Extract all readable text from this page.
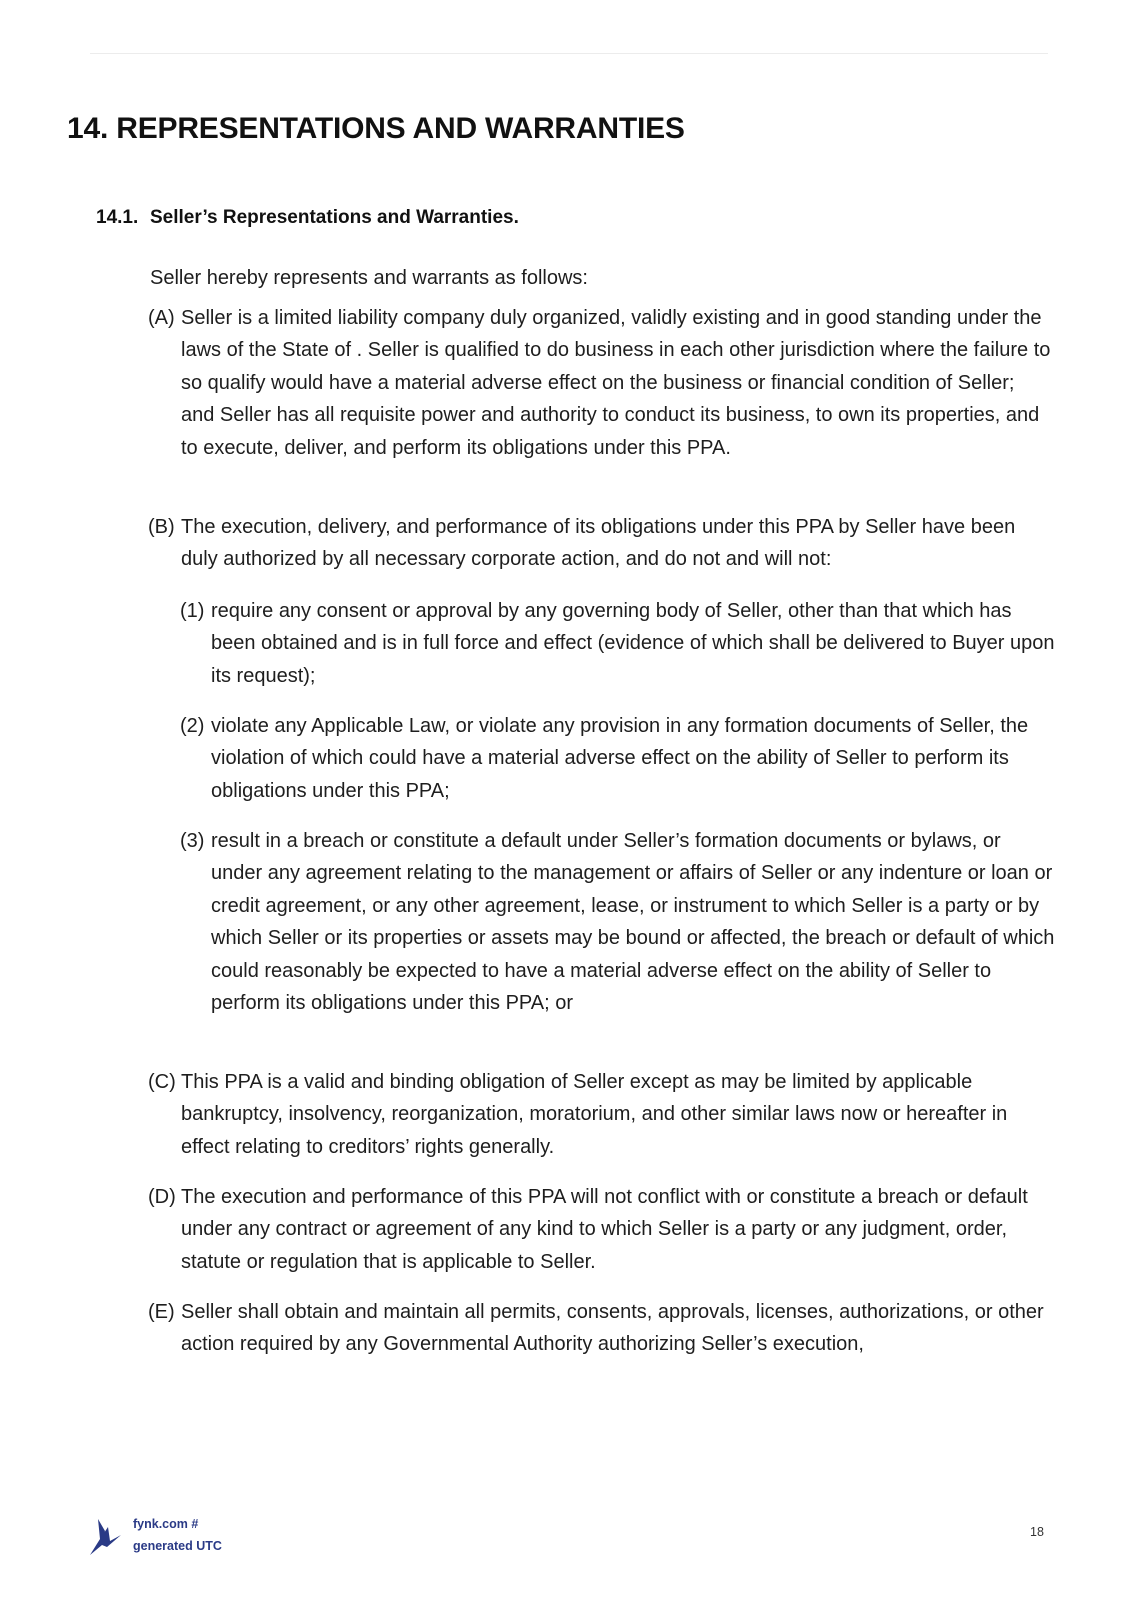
14. REPRESENTATIONS AND WARRANTIES
14.1. Seller’s Representations and Warranties.

Seller hereby represents and warrants as follows:

(A) Seller is a limited liability company duly organized, validly existing and in good standing under the laws of the State of . Seller is qualified to do business in each other jurisdiction where the failure to so qualify would have a material adverse effect on the business or financial condition of Seller; and Seller has all requisite power and authority to conduct its business, to own its properties, and to execute, deliver, and perform its obligations under this PPA.
(B) The execution, delivery, and performance of its obligations under this PPA by Seller have been duly authorized by all necessary corporate action, and do not and will not:
(1) require any consent or approval by any governing body of Seller, other than that which has been obtained and is in full force and effect (evidence of which shall be delivered to Buyer upon its request);
(2) violate any Applicable Law, or violate any provision in any formation documents of Seller, the violation of which could have a material adverse effect on the ability of Seller to perform its obligations under this PPA;
(3) result in a breach or constitute a default under Seller’s formation documents or bylaws, or under any agreement relating to the management or affairs of Seller or any indenture or loan or credit agreement, or any other agreement, lease, or instrument to which Seller is a party or by which Seller or its properties or assets may be bound or affected, the breach or default of which could reasonably be expected to have a material adverse effect on the ability of Seller to perform its obligations under this PPA; or
(C) This PPA is a valid and binding obligation of Seller except as may be limited by applicable bankruptcy, insolvency, reorganization, moratorium, and other similar laws now or hereafter in effect relating to creditors’ rights generally.
(D) The execution and performance of this PPA will not conflict with or constitute a breach or default under any contract or agreement of any kind to which Seller is a party or any judgment, order, statute or regulation that is applicable to Seller.
(E) Seller shall obtain and maintain all permits, consents, approvals, licenses, authorizations, or other action required by any Governmental Authority authorizing Seller’s execution,
fynk.com #
generated UTC
18
